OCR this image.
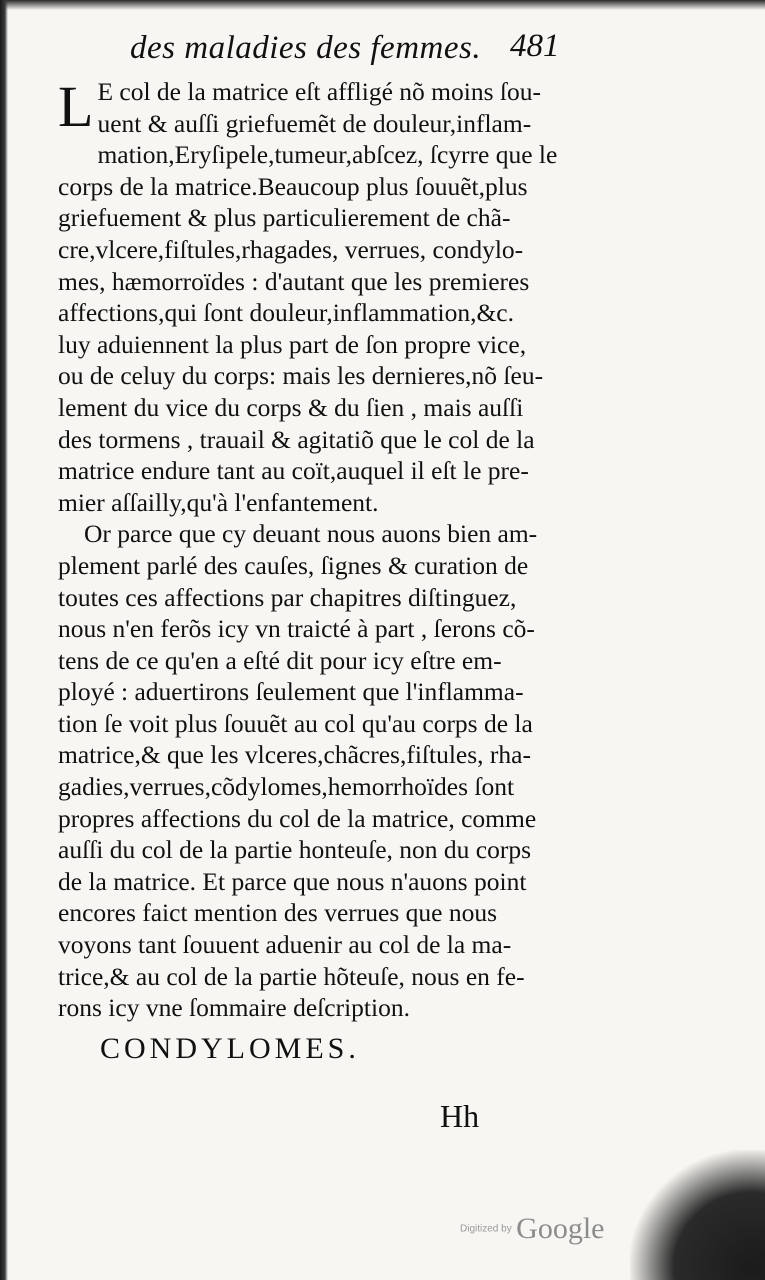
des maladies des femmes. 481
L E col de la matrice eſt affligé nõ moins ſou-
uent & auſſi griefuemẽt de douleur,inflam-
mation,Eryſipele,tumeur,abſcez, ſcyrre que le
corps de la matrice.Beaucoup plus ſouuẽt,plus
griefuement & plus particulierement de chã-
cre,vlcere,fiſtules,rhagades, verrues, condylo-
mes, hæmorroïdes : d'autant que les premieres
affections,qui ſont douleur,inflammation,&c.
luy aduiennent la plus part de ſon propre vice,
ou de celuy du corps: mais les dernieres,nõ ſeu-
lement du vice du corps & du ſien , mais auſſi
des tormens , trauail & agitatiõ que le col de la
matrice endure tant au coït,auquel il eſt le pre-
mier aſſailly,qu'à l'enfantement.
Or parce que cy deuant nous auons bien am-
plement parlé des cauſes, ſignes & curation de
toutes ces affections par chapitres diſtinguez,
nous n'en ferõs icy vn traicté à part , ſerons cõ-
tens de ce qu'en a eſté dit pour icy eſtre em-
ployé : aduertirons ſeulement que l'inflamma-
tion ſe voit plus ſouuẽt au col qu'au corps de la
matrice,& que les vlceres,chãcres,fiſtules, rha-
gadies,verrues,cõdylomes,hemorrhoïdes ſont
propres affections du col de la matrice, comme
auſſi du col de la partie honteuſe, non du corps
de la matrice. Et parce que nous n'auons point
encores faict mention des verrues que nous
voyons tant ſouuent aduenir au col de la ma-
trice,& au col de la partie hõteuſe, nous en fe-
rons icy vne ſommaire deſcription.
CONDYLOMES.
Hh
Digitized by Google
